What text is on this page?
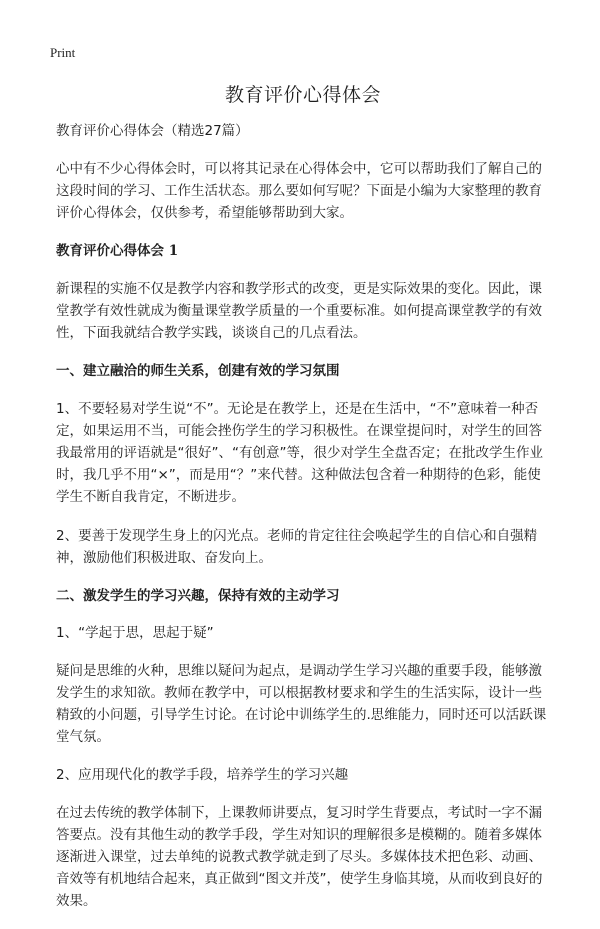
Print
教育评价心得体会
教育评价心得体会（精选27篇）

心中有不少心得体会时，可以将其记录在心得体会中，它可以帮助我们了解自己的这段时间的学习、工作生活状态。那么要如何写呢？下面是小编为大家整理的教育评价心得体会，仅供参考，希望能够帮助到大家。

教育评价心得体会 1

新课程的实施不仅是教学内容和教学形式的改变，更是实际效果的变化。因此，课堂教学有效性就成为衡量课堂教学质量的一个重要标准。如何提高课堂教学的有效性，下面我就结合教学实践，谈谈自己的几点看法。

一、建立融洽的师生关系，创建有效的学习氛围

1、不要轻易对学生说“不”。无论是在教学上，还是在生活中，“不”意味着一种否定，如果运用不当，可能会挫伤学生的学习积极性。在课堂提问时，对学生的回答我最常用的评语就是“很好”、“有创意”等，很少对学生全盘否定；在批改学生作业时，我几乎不用“×”，而是用“？”来代替。这种做法包含着一种期待的色彩，能使学生不断自我肯定，不断进步。

2、要善于发现学生身上的闪光点。老师的肯定往往会唤起学生的自信心和自强精神，激励他们积极进取、奋发向上。

二、激发学生的学习兴趣，保持有效的主动学习
1、“学起于思，思起于疑”

疑问是思维的火种，思维以疑问为起点，是调动学生学习兴趣的重要手段，能够激发学生的求知欲。教师在教学中，可以根据教材要求和学生的生活实际，设计一些精致的小问题，引导学生讨论。在讨论中训练学生的.思维能力，同时还可以活跃课堂气氛。

2、应用现代化的教学手段，培养学生的学习兴趣

在过去传统的教学体制下，上课教师讲要点，复习时学生背要点，考试时一字不漏答要点。没有其他生动的教学手段，学生对知识的理解很多是模糊的。随着多媒体逐渐进入课堂，过去单纯的说教式教学就走到了尽头。多媒体技术把色彩、动画、音效等有机地结合起来，真正做到“图文并茂”，使学生身临其境，从而收到良好的效果。
